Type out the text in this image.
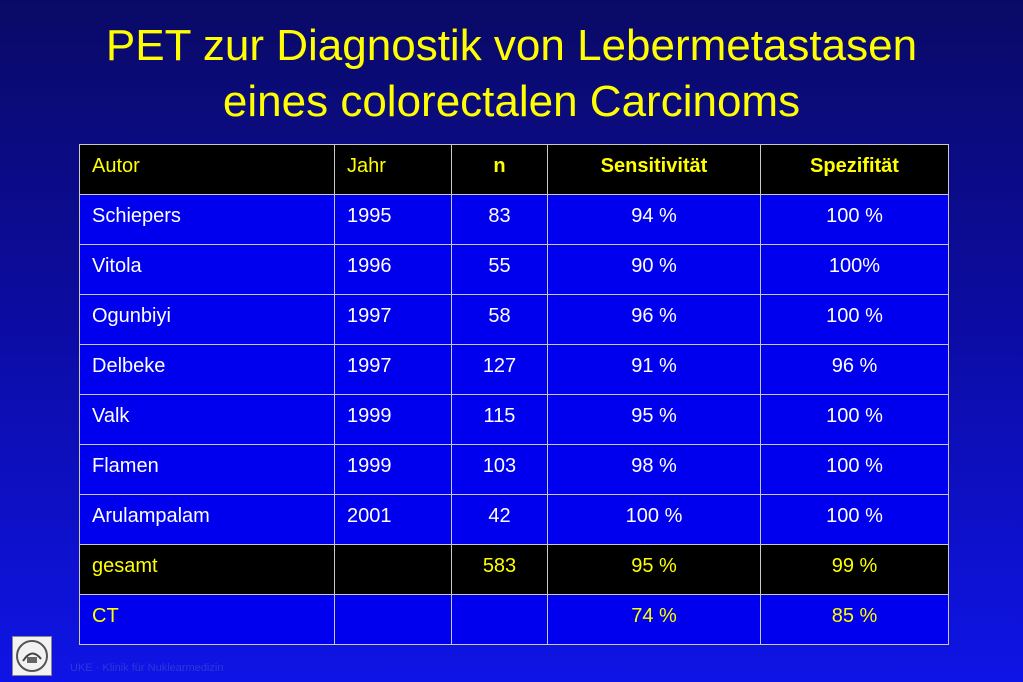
PET zur Diagnostik von Lebermetastasen
eines colorectalen Carcinoms
Autor	Jahr	n	Sensitivität	Spezifität
Schiepers	1995	83	94 %	100 %
Vitola	1996	55	90 %	100%
Ogunbiyi	1997	58	96 %	100 %
Delbeke	1997	127	91 %	96 %
Valk	1999	115	95 %	100 %
Flamen	1999	103	98 %	100 %
Arulampalam	2001	42	100 %	100 %
gesamt		583	95 %	99 %
CT			74 %	85 %
UKE · Klinik für Nuklearmedizin
